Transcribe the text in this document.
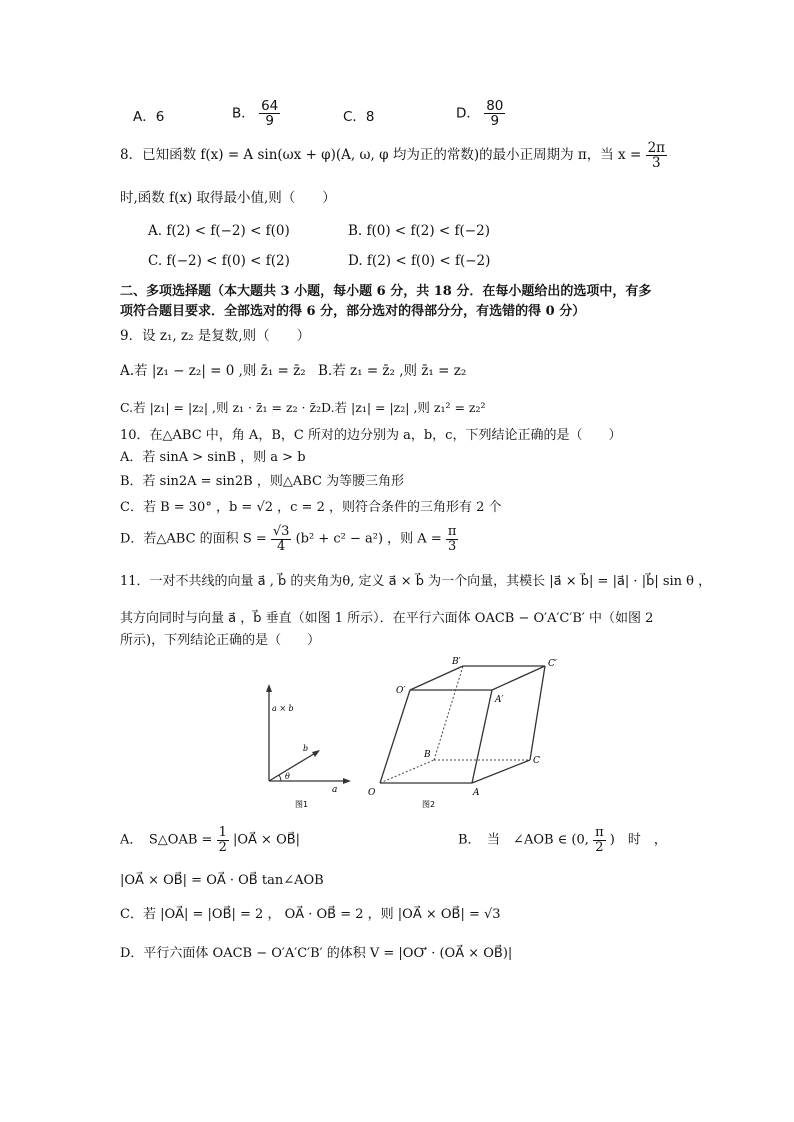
A．6	B． $\frac{64}{9}$	C．8	D． $\frac{80}{9}$
8．已知函数 f(x) = A sin(ωx + φ)(A, ω, φ 均为正的常数)的最小正周期为 π，当 $x = \frac{2\pi}{3}$
时,函数 f(x) 取得最小值,则（　　）
A. f(2) < f(−2) < f(0)	B. f(0) < f(2) < f(−2)
C. f(−2) < f(0) < f(2)	D. f(2) < f(0) < f(−2)
二、多项选择题（本大题共 3 小题，每小题 6 分，共 18 分．在每小题给出的选项中，有多
项符合题目要求．全部选对的得 6 分，部分选对的得部分分，有选错的得 0 分）
9．设 z₁, z₂ 是复数,则（　　）
A.若 |z₁ − z₂| = 0 ,则 z̄₁ = z̄₂ B.若 z₁ = z̄₂ ,则 z̄₁ = z₂
C.若 |z₁| = |z₂| ,则 z₁ · z̄₁ = z₂ · z̄₂ D.若 |z₁| = |z₂| ,则 z₁² = z₂²
10．在△ABC 中，角 A，B，C 所对的边分别为 a，b，c，下列结论正确的是（　　）
A．若 sinA > sinB ，则 a > b
B．若 sin2A = sin2B ，则△ABC 为等腰三角形
C．若 B = 30° ，b = √2 ，c = 2 ，则符合条件的三角形有 2 个
D．若△ABC 的面积 $S = \frac{√3}{4} (b^2 + c^2 - a^2)$ ，则 $A = \frac{\pi}{3}$
11．一对不共线的向量 a⃗ , b⃗ 的夹角为θ, 定义 a⃗ × b⃗ 为一个向量，其模长 |a⃗ × b⃗| = |a⃗| · |b⃗| sin θ ，
其方向同时与向量 a⃗ ，b⃗ 垂直（如图 1 所示）．在平行六面体 OACB − O′A′C′B′ 中（如图 2
所示)，下列结论正确的是（　　）
a × b
b
θ
a
图1
B′	C′
O′
A′
B
C
O	A
图2
A．　S△OAB = $\frac{1}{2}$ |OA⃗ × OB⃗|	B．　当　∠AOB ∈ (0, $\frac{\pi}{2}$ )　时　，
|OA⃗ × OB⃗| = OA⃗ · OB⃗ tan∠AOB
C．若 |OA⃗| = |OB⃗| = 2 ， OA⃗ · OB⃗ = 2 ，则 |OA⃗ × OB⃗| = √3
D．平行六面体 OACB − O′A′C′B′ 的体积 V = |OO′⃗ · (OA⃗ × OB⃗)|
